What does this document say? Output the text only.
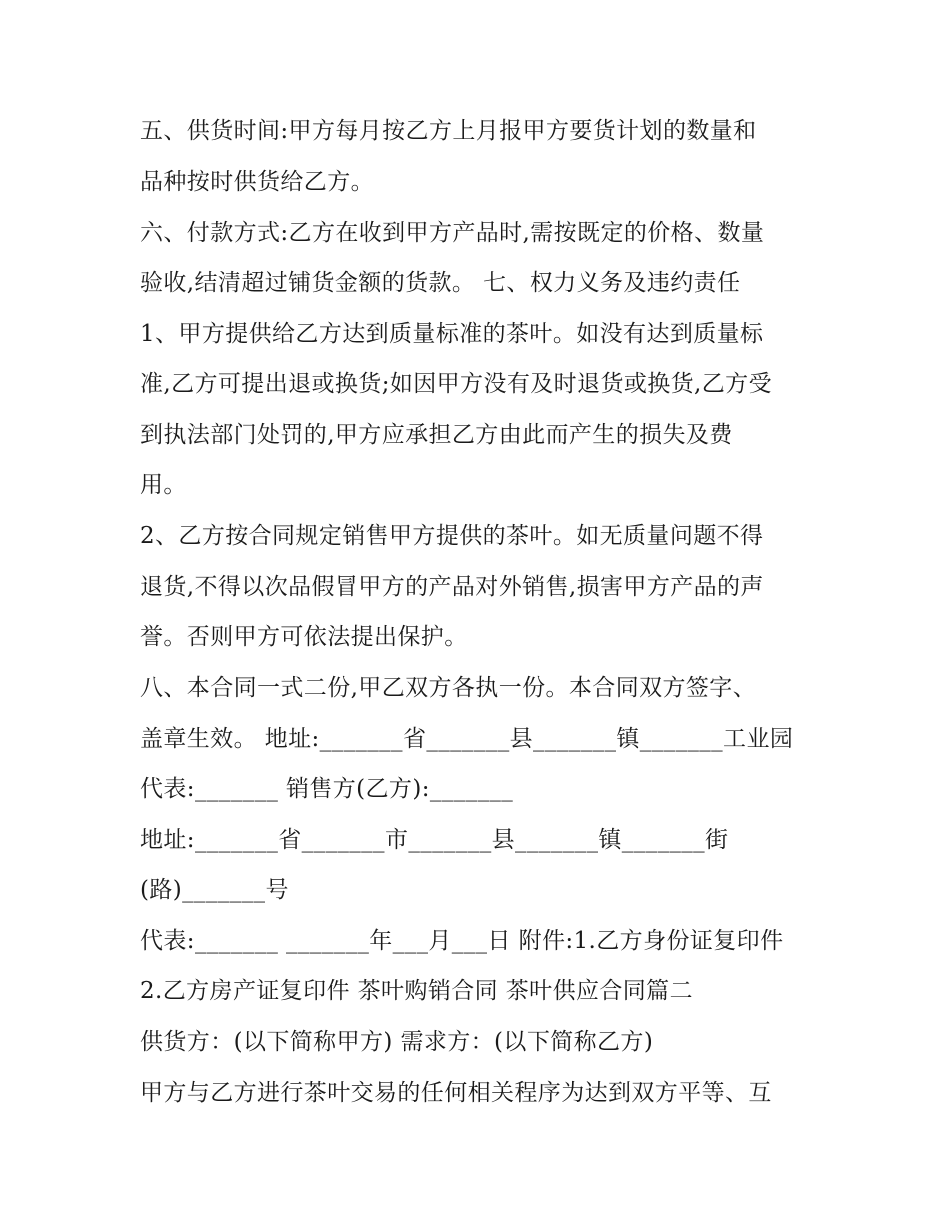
五、供货时间:甲方每月按乙方上月报甲方要货计划的数量和
品种按时供货给乙方。
六、付款方式:乙方在收到甲方产品时,需按既定的价格、数量
验收,结清超过铺货金额的货款。 七、权力义务及违约责任
1、甲方提供给乙方达到质量标准的茶叶。如没有达到质量标
准,乙方可提出退或换货;如因甲方没有及时退货或换货,乙方受
到执法部门处罚的,甲方应承担乙方由此而产生的损失及费
用。
2、乙方按合同规定销售甲方提供的茶叶。如无质量问题不得
退货,不得以次品假冒甲方的产品对外销售,损害甲方产品的声
誉。否则甲方可依法提出保护。
八、本合同一式二份,甲乙双方各执一份。本合同双方签字、
盖章生效。 地址:_______省_______县_______镇_______工业园
代表:_______ 销售方(乙方):_______
地址:_______省_______市_______县_______镇_______街
(路)_______号
代表:_______ _______年___月___日 附件:1.乙方身份证复印件
2.乙方房产证复印件 茶叶购销合同 茶叶供应合同篇二
供货方：(以下简称甲方) 需求方：(以下简称乙方)
甲方与乙方进行茶叶交易的任何相关程序为达到双方平等、互
